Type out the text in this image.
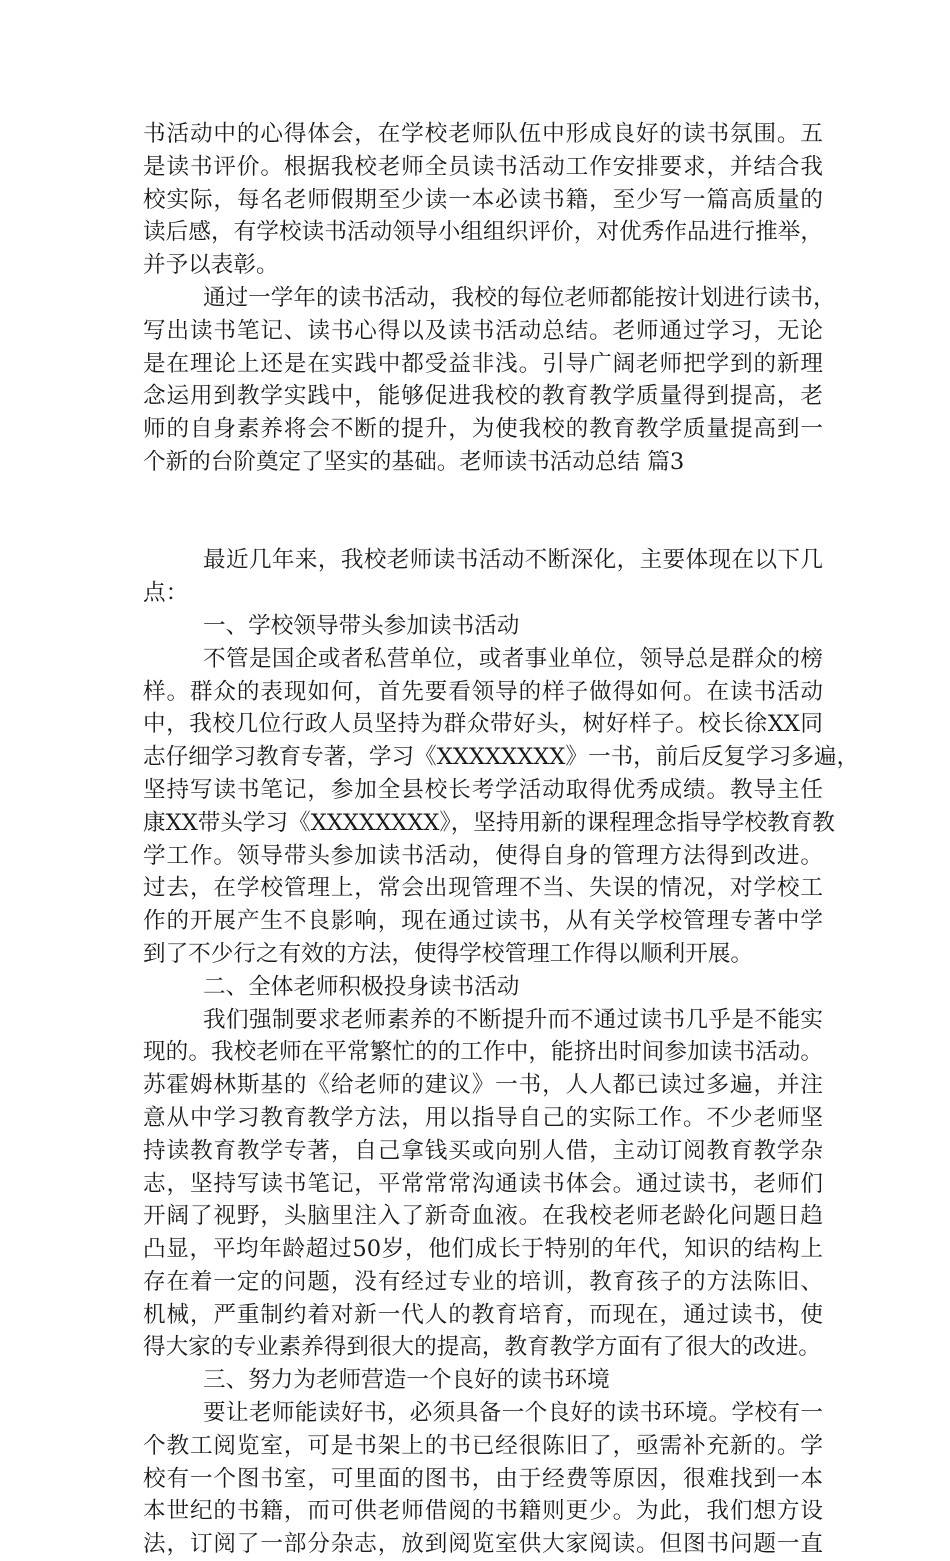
书活动中的心得体会，在学校老师队伍中形成良好的读书氛围。五
是读书评价。根据我校老师全员读书活动工作安排要求，并结合我
校实际，每名老师假期至少读一本必读书籍，至少写一篇高质量的
读后感，有学校读书活动领导小组组织评价，对优秀作品进行推举，
并予以表彰。
通过一学年的读书活动，我校的每位老师都能按计划进行读书，
写出读书笔记、读书心得以及读书活动总结。老师通过学习，无论
是在理论上还是在实践中都受益非浅。引导广阔老师把学到的新理
念运用到教学实践中，能够促进我校的教育教学质量得到提高，老
师的自身素养将会不断的提升，为使我校的教育教学质量提高到一
个新的台阶奠定了坚实的基础。老师读书活动总结 篇3
最近几年来，我校老师读书活动不断深化，主要体现在以下几
点：
一、学校领导带头参加读书活动
不管是国企或者私营单位，或者事业单位，领导总是群众的榜
样。群众的表现如何，首先要看领导的样子做得如何。在读书活动
中，我校几位行政人员坚持为群众带好头，树好样子。校长徐XX同
志仔细学习教育专著，学习《XXXXXXXX》一书，前后反复学习多遍，
坚持写读书笔记，参加全县校长考学活动取得优秀成绩。教导主任
康XX带头学习《XXXXXXXX》，坚持用新的课程理念指导学校教育教
学工作。领导带头参加读书活动，使得自身的管理方法得到改进。
过去，在学校管理上，常会出现管理不当、失误的情况，对学校工
作的开展产生不良影响，现在通过读书，从有关学校管理专著中学
到了不少行之有效的方法，使得学校管理工作得以顺利开展。
二、全体老师积极投身读书活动
我们强制要求老师素养的不断提升而不通过读书几乎是不能实
现的。我校老师在平常繁忙的的工作中，能挤出时间参加读书活动。
苏霍姆林斯基的《给老师的建议》一书，人人都已读过多遍，并注
意从中学习教育教学方法，用以指导自己的实际工作。不少老师坚
持读教育教学专著，自己拿钱买或向别人借，主动订阅教育教学杂
志，坚持写读书笔记，平常常常沟通读书体会。通过读书，老师们
开阔了视野，头脑里注入了新奇血液。在我校老师老龄化问题日趋
凸显，平均年龄超过50岁，他们成长于特别的年代，知识的结构上
存在着一定的问题，没有经过专业的培训，教育孩子的方法陈旧、
机械，严重制约着对新一代人的教育培育，而现在，通过读书，使
得大家的专业素养得到很大的提高，教育教学方面有了很大的改进。
三、努力为老师营造一个良好的读书环境
要让老师能读好书，必须具备一个良好的读书环境。学校有一
个教工阅览室，可是书架上的书已经很陈旧了，亟需补充新的。学
校有一个图书室，可里面的图书，由于经费等原因，很难找到一本
本世纪的书籍，而可供老师借阅的书籍则更少。为此，我们想方设
法，订阅了一部分杂志，放到阅览室供大家阅读。但图书问题一直
